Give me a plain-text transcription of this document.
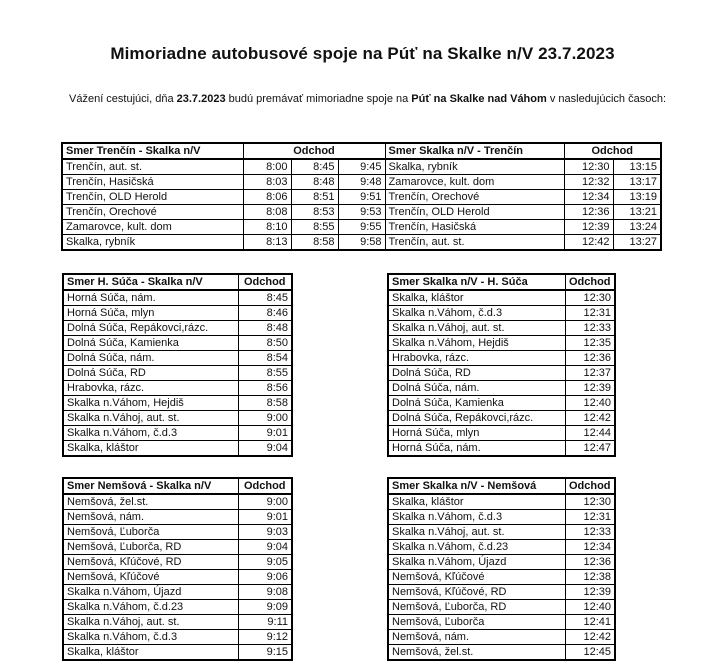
Mimoriadne autobusové spoje na Púť na Skalke n/V 23.7.2023
Vážení cestujúci, dňa 23.7.2023 budú premávať mimoriadne spoje na Púť na Skalke nad Váhom v nasledujúcich časoch:
Smer Trenčín - Skalka n/V	Odchod			Smer Skalka n/V - Trenčín	Odchod	
Trenčín, aut. st.	8:00	8:45	9:45	Skalka, rybník	12:30	13:15
Trenčín, Hasičská	8:03	8:48	9:48	Zamarovce, kult. dom	12:32	13:17
Trenčín, OLD Herold	8:06	8:51	9:51	Trenčín, Orechové	12:34	13:19
Trenčín, Orechové	8:08	8:53	9:53	Trenčín, OLD Herold	12:36	13:21
Zamarovce, kult. dom	8:10	8:55	9:55	Trenčín, Hasičská	12:39	13:24
Skalka, rybník	8:13	8:58	9:58	Trenčín, aut. st.	12:42	13:27
Smer H. Súča - Skalka n/V	Odchod
Horná Súča, nám.	8:45
Horná Súča, mlyn	8:46
Dolná Súča, Repákovci,rázc.	8:48
Dolná Súča, Kamienka	8:50
Dolná Súča, nám.	8:54
Dolná Súča, RD	8:55
Hrabovka, rázc.	8:56
Skalka n.Váhom, Hejdiš	8:58
Skalka n.Váhoj, aut. st.	9:00
Skalka n.Váhom, č.d.3	9:01
Skalka, kláštor	9:04
Smer Skalka n/V - H. Súča	Odchod
Skalka, kláštor	12:30
Skalka n.Váhom, č.d.3	12:31
Skalka n.Váhoj, aut. st.	12:33
Skalka n.Váhom, Hejdiš	12:35
Hrabovka, rázc.	12:36
Dolná Súča, RD	12:37
Dolná Súča, nám.	12:39
Dolná Súča, Kamienka	12:40
Dolná Súča, Repákovci,rázc.	12:42
Horná Súča, mlyn	12:44
Horná Súča, nám.	12:47
Smer Nemšová - Skalka n/V	Odchod
Nemšová, žel.st.	9:00
Nemšová, nám.	9:01
Nemšová, Ľuborča	9:03
Nemšová, Ľuborča, RD	9:04
Nemšová, Kľúčové, RD	9:05
Nemšová, Kľúčové	9:06
Skalka n.Váhom, Újazd	9:08
Skalka n.Váhom, č.d.23	9:09
Skalka n.Váhoj, aut. st.	9:11
Skalka n.Váhom, č.d.3	9:12
Skalka, kláštor	9:15
Smer Skalka n/V - Nemšová	Odchod
Skalka, kláštor	12:30
Skalka n.Váhom, č.d.3	12:31
Skalka n.Váhoj, aut. st.	12:33
Skalka n.Váhom, č.d.23	12:34
Skalka n.Váhom, Újazd	12:36
Nemšová, Kľúčové	12:38
Nemšová, Kľúčové, RD	12:39
Nemšová, Ľuborča, RD	12:40
Nemšová, Ľuborča	12:41
Nemšová, nám.	12:42
Nemšová, žel.st.	12:45
